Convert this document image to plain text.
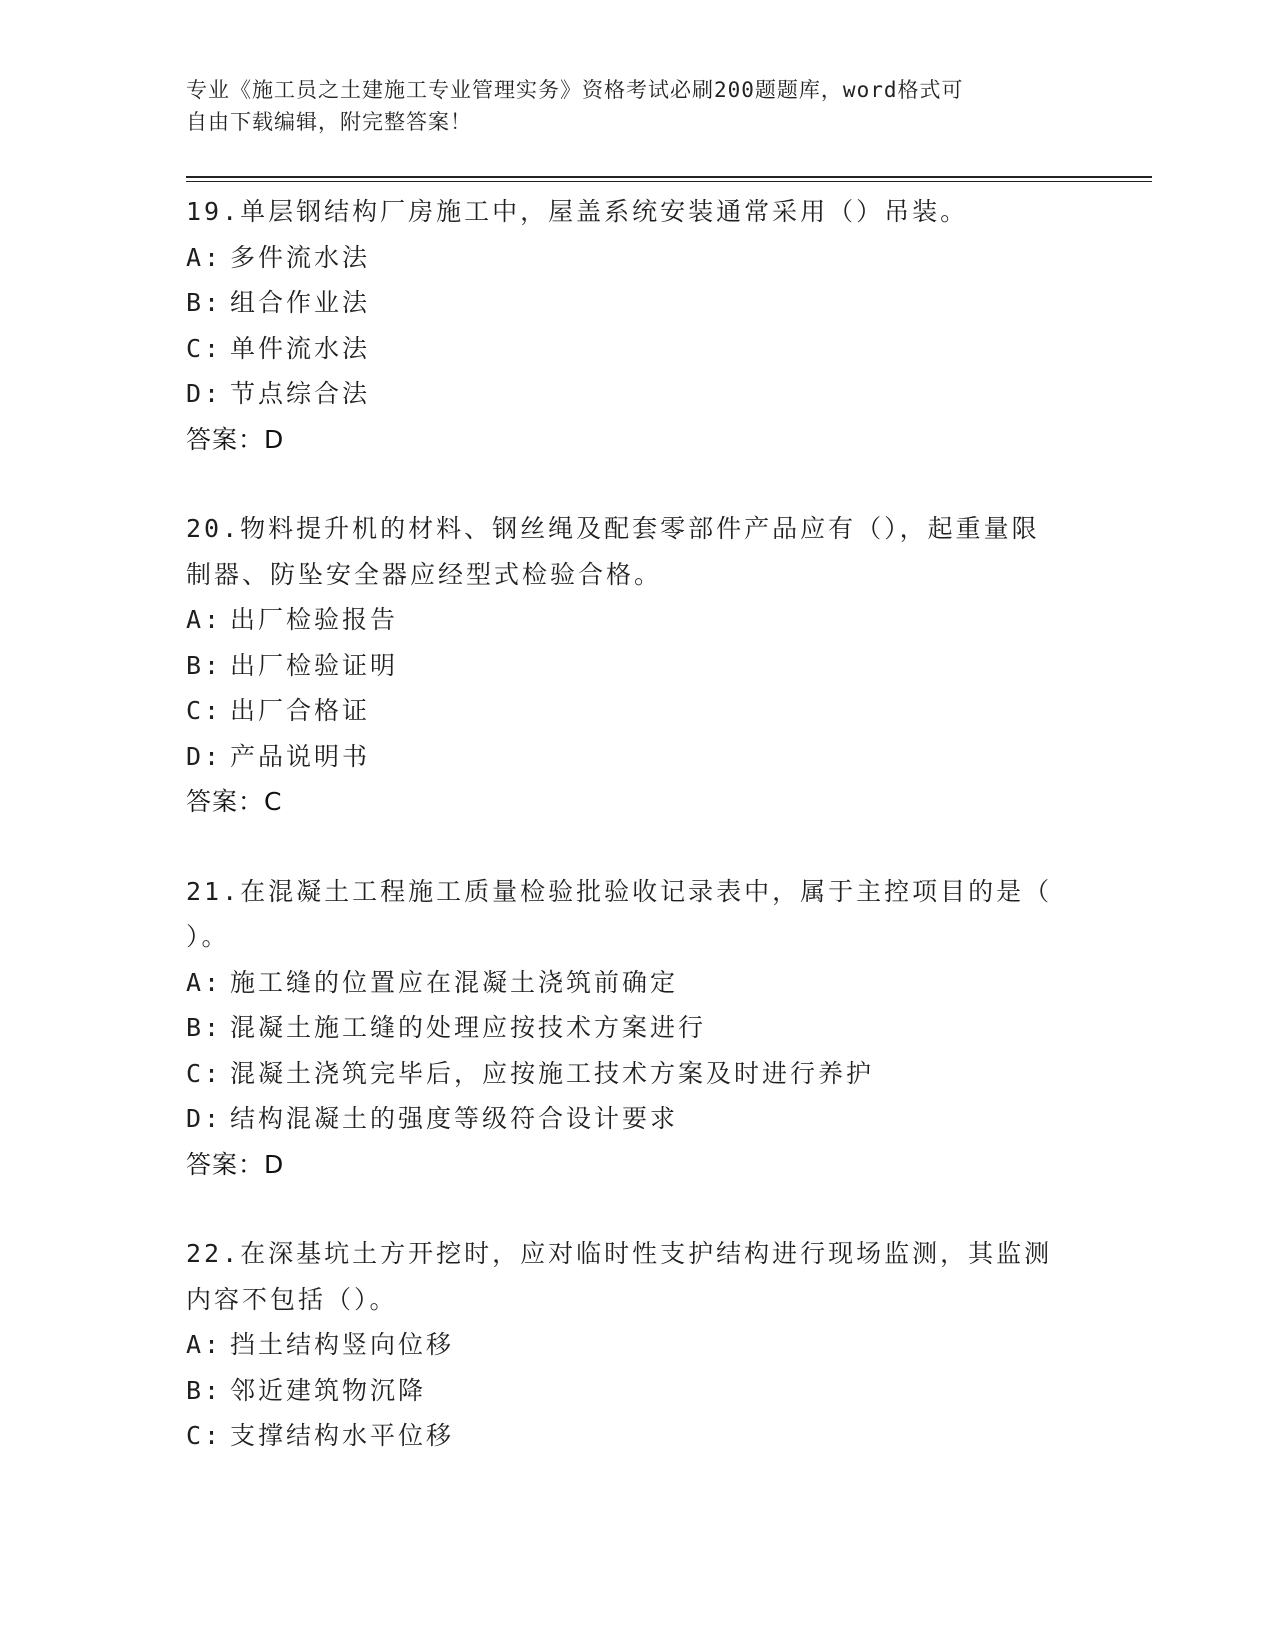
专业《施工员之土建施工专业管理实务》资格考试必刷200题题库，word格式可
自由下载编辑，附完整答案！
19.单层钢结构厂房施工中，屋盖系统安装通常采用（）吊装。
A: 多件流水法
B: 组合作业法
C: 单件流水法
D: 节点综合法
答案：D
20.物料提升机的材料、钢丝绳及配套零部件产品应有（），起重量限
制器、防坠安全器应经型式检验合格。
A: 出厂检验报告
B: 出厂检验证明
C: 出厂合格证
D: 产品说明书
答案：C
21.在混凝土工程施工质量检验批验收记录表中，属于主控项目的是（
）。
A: 施工缝的位置应在混凝土浇筑前确定
B: 混凝土施工缝的处理应按技术方案进行
C: 混凝土浇筑完毕后，应按施工技术方案及时进行养护
D: 结构混凝土的强度等级符合设计要求
答案：D
22.在深基坑土方开挖时，应对临时性支护结构进行现场监测，其监测
内容不包括（）。
A: 挡土结构竖向位移
B: 邻近建筑物沉降
C: 支撑结构水平位移
